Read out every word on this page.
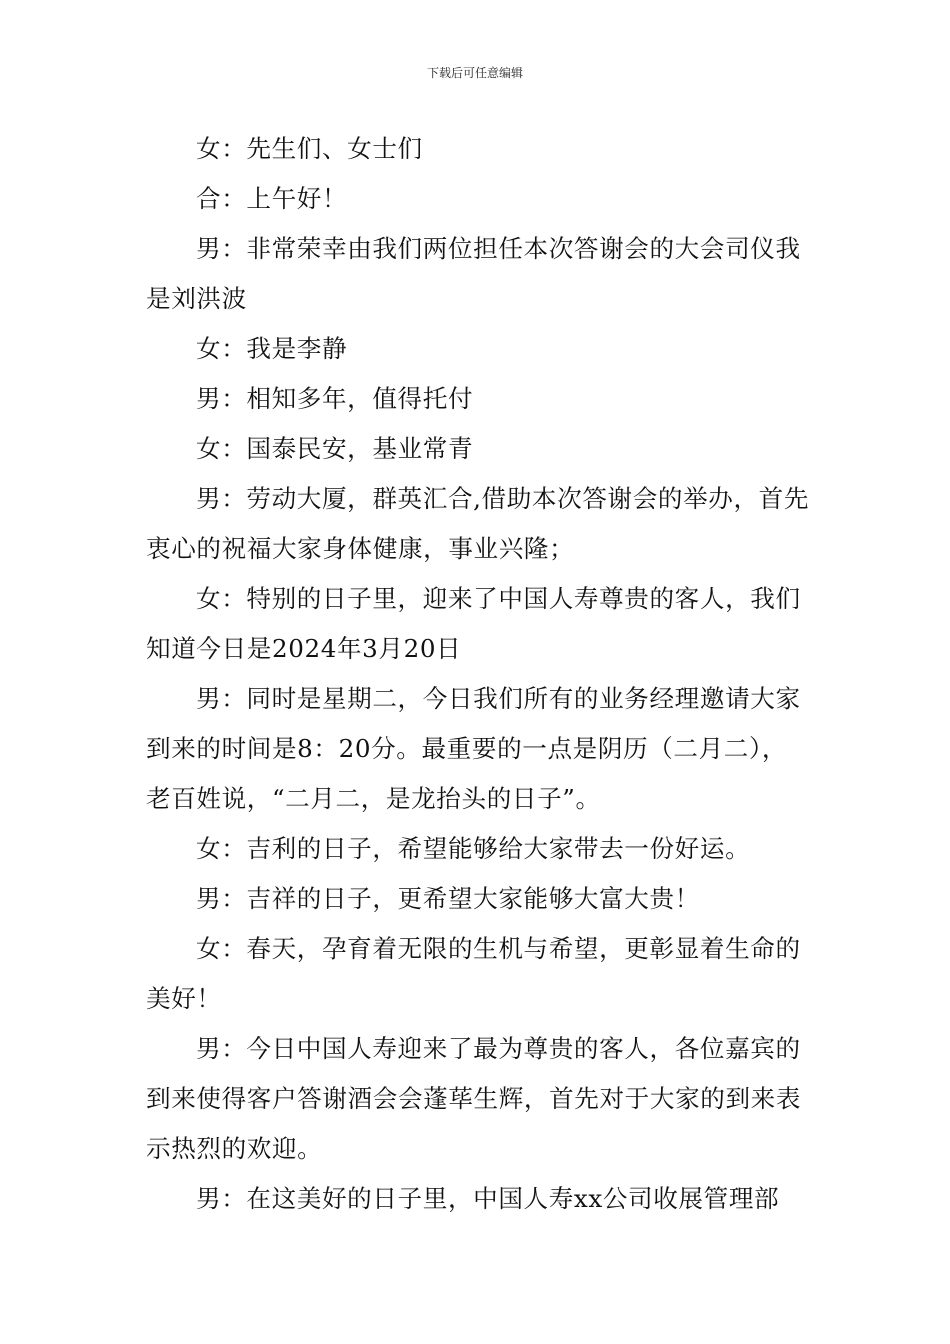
下载后可任意编辑

女：先生们、女士们

合：上午好！

男：非常荣幸由我们两位担任本次答谢会的大会司仪我是刘洪波

女：我是李静

男：相知多年，值得托付

女：国泰民安，基业常青

男：劳动大厦，群英汇合,借助本次答谢会的举办，首先衷心的祝福大家身体健康，事业兴隆；

女：特别的日子里，迎来了中国人寿尊贵的客人，我们知道今日是2024年3月20日

男：同时是星期二，今日我们所有的业务经理邀请大家到来的时间是8：20分。最重要的一点是阴历（二月二），老百姓说，“二月二，是龙抬头的日子”。

女：吉利的日子，希望能够给大家带去一份好运。

男：吉祥的日子，更希望大家能够大富大贵！

女：春天，孕育着无限的生机与希望，更彰显着生命的美好！

男：今日中国人寿迎来了最为尊贵的客人，各位嘉宾的到来使得客户答谢酒会会蓬荜生辉，首先对于大家的到来表示热烈的欢迎。

男：在这美好的日子里，中国人寿xx公司收展管理部
